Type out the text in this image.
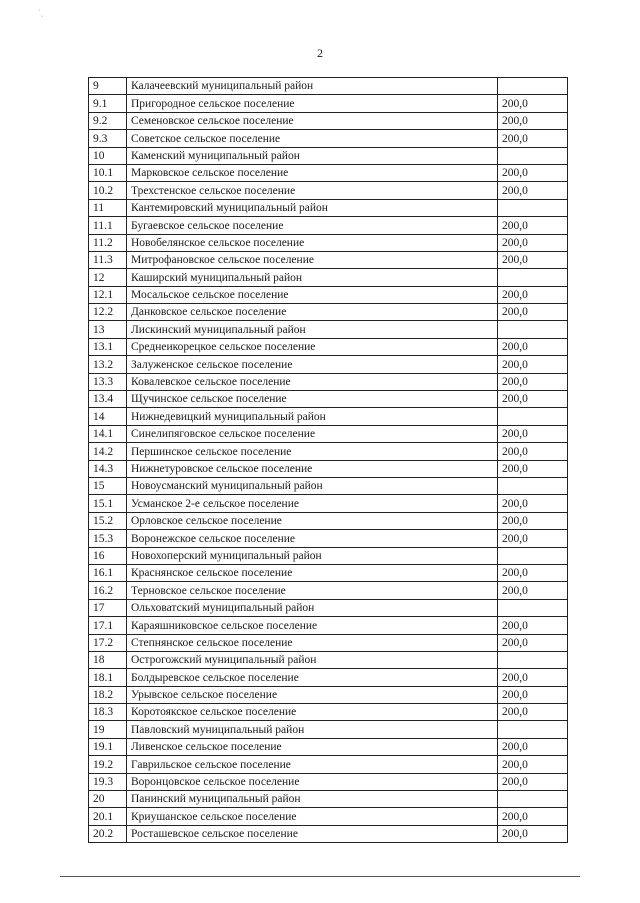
˙ˏ
2
9	Калачеевский муниципальный район	
9.1	Пригородное сельское поселение	200,0
9.2	Семеновское сельское поселение	200,0
9.3	Советское сельское поселение	200,0
10	Каменский муниципальный район	
10.1	Марковское сельское поселение	200,0
10.2	Трехстенское сельское поселение	200,0
11	Кантемировский муниципальный район	
11.1	Бугаевское сельское поселение	200,0
11.2	Новобелянское сельское поселение	200,0
11.3	Митрофановское сельское поселение	200,0
12	Каширский муниципальный район	
12.1	Мосальское сельское поселение	200,0
12.2	Данковское сельское поселение	200,0
13	Лискинский муниципальный район	
13.1	Среднеикорецкое сельское поселение	200,0
13.2	Залуженское сельское поселение	200,0
13.3	Ковалевское сельское поселение	200,0
13.4	Щучинское сельское поселение	200,0
14	Нижнедевицкий муниципальный район	
14.1	Синелипяговское сельское поселение	200,0
14.2	Першинское сельское поселение	200,0
14.3	Нижнетуровское сельское поселение	200,0
15	Новоусманский муниципальный район	
15.1	Усманское 2-е сельское поселение	200,0
15.2	Орловское сельское поселение	200,0
15.3	Воронежское сельское поселение	200,0
16	Новохоперский муниципальный район	
16.1	Краснянское сельское поселение	200,0
16.2	Терновское сельское поселение	200,0
17	Ольховатский муниципальный район	
17.1	Караяшниковское сельское поселение	200,0
17.2	Степнянское сельское поселение	200,0
18	Острогожский муниципальный район	
18.1	Болдыревское сельское поселение	200,0
18.2	Урывское сельское поселение	200,0
18.3	Коротоякское сельское поселение	200,0
19	Павловский муниципальный район	
19.1	Ливенское сельское поселение	200,0
19.2	Гаврильское сельское поселение	200,0
19.3	Воронцовское сельское поселение	200,0
20	Панинский муниципальный район	
20.1	Криушанское сельское поселение	200,0
20.2	Росташевское сельское поселение	200,0
